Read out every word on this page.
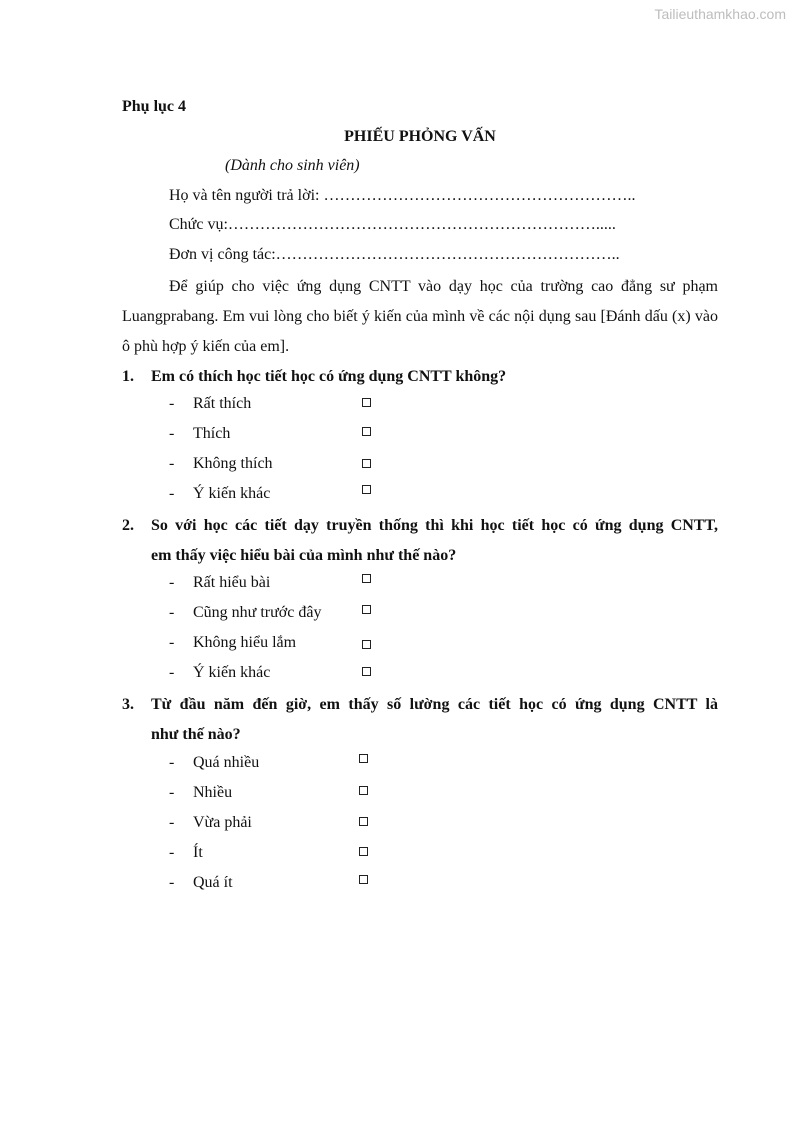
Tailieuthamkhao.com
Phụ lục 4
PHIẾU PHỎNG VẤN
(Dành cho sinh viên)
Họ và tên người trả lời: …………………………………………………..
Chức vụ:…………………………………………………………….....
Đơn vị công tác:………………………………………………………..

Để giúp cho việc ứng dụng CNTT vào dạy học của trường cao đẳng sư phạm Luangprabang. Em vui lòng cho biết ý kiến của mình về các nội dụng sau [Đánh dấu (x) vào ô phù hợp ý kiến của em].

1. Em có thích học tiết học có ứng dụng CNTT không?
- Rất thích
- Thích
- Không thích
- Ý kiến khác
2. So với học các tiết dạy truyền thống thì khi học tiết học có ứng dụng CNTT,
em thấy việc hiểu bài của mình như thế nào?
- Rất hiểu bài
- Cũng như trước đây
- Không hiểu lắm
- Ý kiến khác
3. Từ đầu năm đến giờ, em thấy số lường các tiết học có ứng dụng CNTT là
như thế nào?
- Quá nhiều
- Nhiều
- Vừa phải
- Ít
- Quá ít
